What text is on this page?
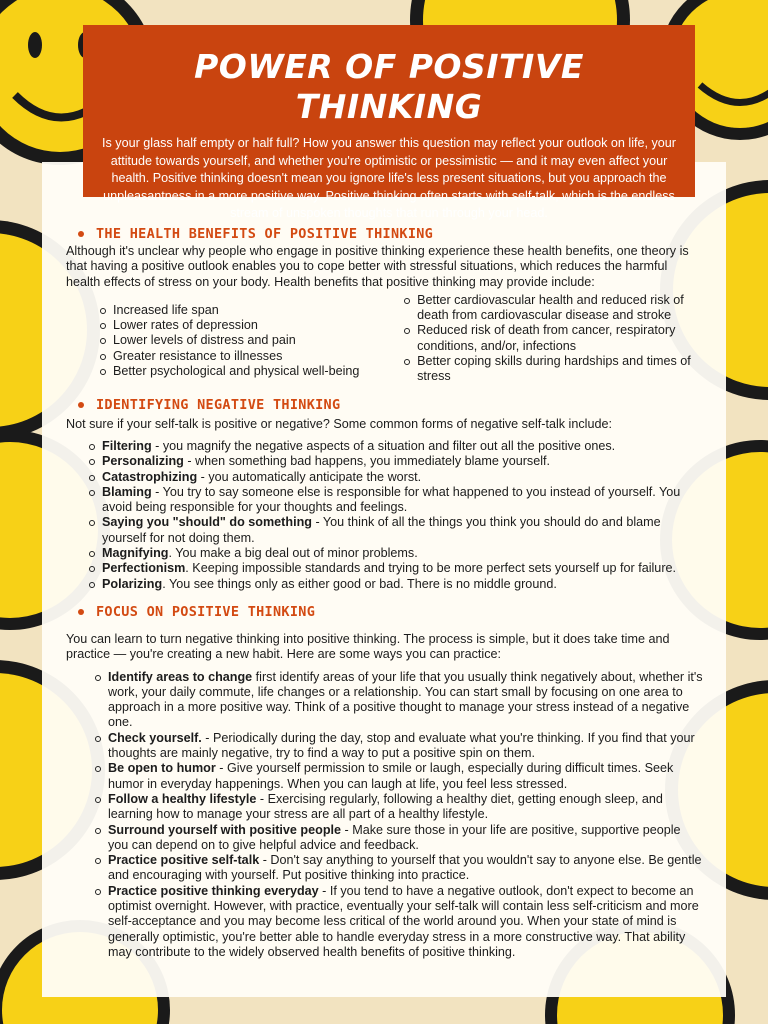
POWER OF POSITIVE THINKING

Is your glass half empty or half full? How you answer this question may reflect your outlook on life, your attitude towards yourself, and whether you're optimistic or pessimistic — and it may even affect your health. Positive thinking doesn't mean you ignore life's less present situations, but you approach the unpleasantness in a more positive way. Positive thinking often starts with self-talk, which is the endless stream of unspoken thoughts that run through your head.

THE HEALTH BENEFITS OF POSITIVE THINKING

Although it's unclear why people who engage in positive thinking experience these health benefits, one theory is that having a positive outlook enables you to cope better with stressful situations, which reduces the harmful health effects of stress on your body. Health benefits that positive thinking may provide include:

Increased life span
Lower rates of depression
Lower levels of distress and pain
Greater resistance to illnesses
Better psychological and physical well-being
Better cardiovascular health and reduced risk of death from cardiovascular disease and stroke
Reduced risk of death from cancer, respiratory conditions, and/or, infections
Better coping skills during hardships and times of stress
IDENTIFYING NEGATIVE THINKING

Not sure if your self-talk is positive or negative? Some common forms of negative self-talk include:

Filtering - you magnify the negative aspects of a situation and filter out all the positive ones.
Personalizing - when something bad happens, you immediately blame yourself.
Catastrophizing - you automatically anticipate the worst.
Blaming - You try to say someone else is responsible for what happened to you instead of yourself. You avoid being responsible for your thoughts and feelings.
Saying you "should" do something - You think of all the things you think you should do and blame yourself for not doing them.
Magnifying. You make a big deal out of minor problems.
Perfectionism. Keeping impossible standards and trying to be more perfect sets yourself up for failure.
Polarizing. You see things only as either good or bad. There is no middle ground.
FOCUS ON POSITIVE THINKING

You can learn to turn negative thinking into positive thinking. The process is simple, but it does take time and practice — you're creating a new habit. Here are some ways you can practice:

Identify areas to change first identify areas of your life that you usually think negatively about, whether it's work, your daily commute, life changes or a relationship. You can start small by focusing on one area to approach in a more positive way. Think of a positive thought to manage your stress instead of a negative one.
Check yourself. - Periodically during the day, stop and evaluate what you're thinking. If you find that your thoughts are mainly negative, try to find a way to put a positive spin on them.
Be open to humor - Give yourself permission to smile or laugh, especially during difficult times. Seek humor in everyday happenings. When you can laugh at life, you feel less stressed.
Follow a healthy lifestyle - Exercising regularly, following a healthy diet, getting enough sleep, and learning how to manage your stress are all part of a healthy lifestyle.
Surround yourself with positive people - Make sure those in your life are positive, supportive people you can depend on to give helpful advice and feedback.
Practice positive self-talk - Don't say anything to yourself that you wouldn't say to anyone else. Be gentle and encouraging with yourself. Put positive thinking into practice.
Practice positive thinking everyday - If you tend to have a negative outlook, don't expect to become an optimist overnight. However, with practice, eventually your self-talk will contain less self-criticism and more self-acceptance and you may become less critical of the world around you. When your state of mind is generally optimistic, you're better able to handle everyday stress in a more constructive way. That ability may contribute to the widely observed health benefits of positive thinking.
